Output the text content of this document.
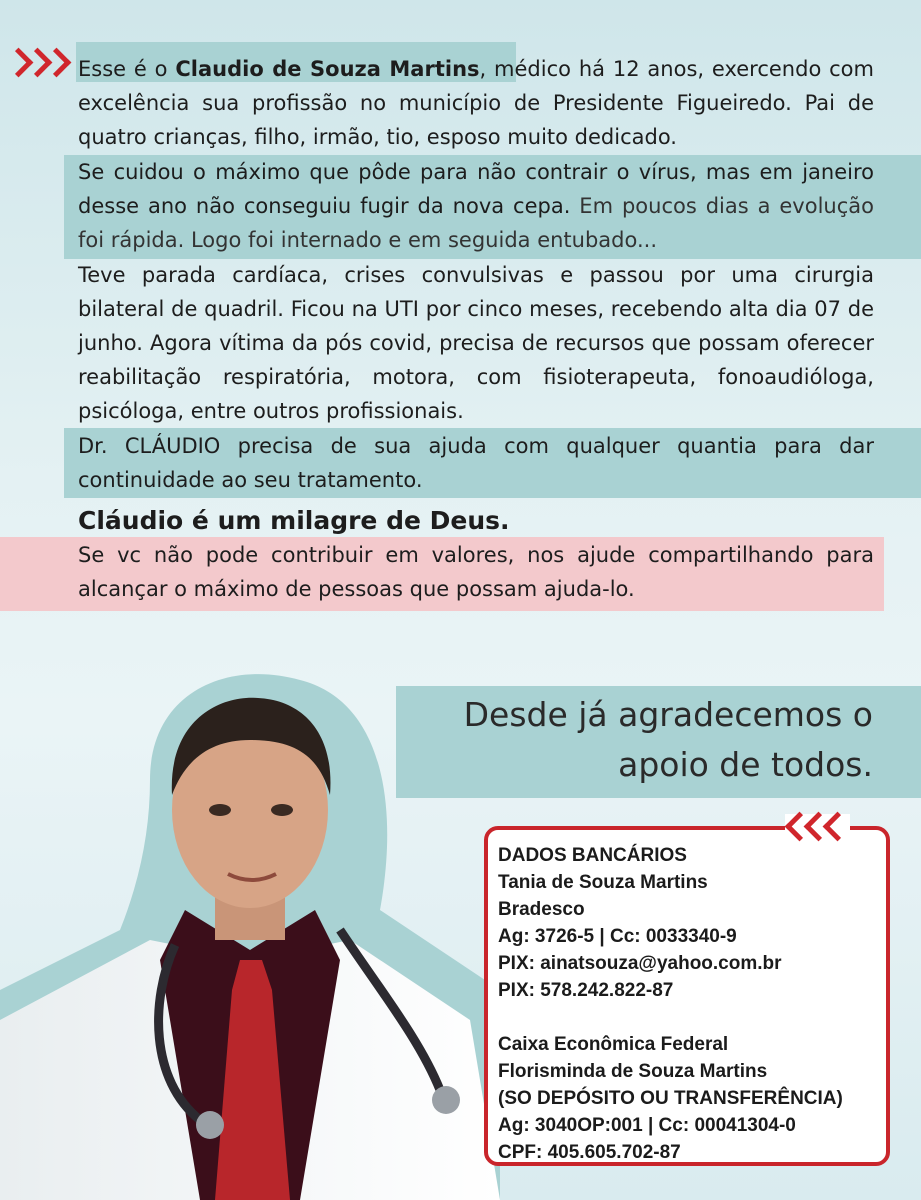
Esse é o Claudio de Souza Martins, médico há 12 anos, exercendo com excelência sua profissão no município de Presidente Figueiredo. Pai de quatro crianças, filho, irmão, tio, esposo muito dedicado.

Se cuidou o máximo que pôde para não contrair o vírus, mas em janeiro desse ano não conseguiu fugir da nova cepa. Em poucos dias a evolução foi rápida. Logo foi internado e em seguida entubado...

Teve parada cardíaca, crises convulsivas e passou por uma cirurgia bilateral de quadril. Ficou na UTI por cinco meses, recebendo alta dia 07 de junho. Agora vítima da pós covid, precisa de recursos que possam oferecer reabilitação respiratória, motora, com fisioterapeuta, fonoaudióloga, psicóloga, entre outros profissionais.

Dr. CLÁUDIO precisa de sua ajuda com qualquer quantia para dar continuidade ao seu tratamento.

Cláudio é um milagre de Deus.

Se vc não pode contribuir em valores, nos ajude compartilhando para alcançar o máximo de pessoas que possam ajuda-lo.

Desde já agradecemos o
apoio de todos.

DADOS BANCÁRIOS
Tania de Souza Martins
Bradesco
Ag: 3726-5 | Cc: 0033340-9
PIX: ainatsouza@yahoo.com.br
PIX: 578.242.822-87
Caixa Econômica Federal
Florisminda de Souza Martins
(SO DEPÓSITO OU TRANSFERÊNCIA)
Ag: 3040OP:001 | Cc: 00041304-0
CPF: 405.605.702-87
